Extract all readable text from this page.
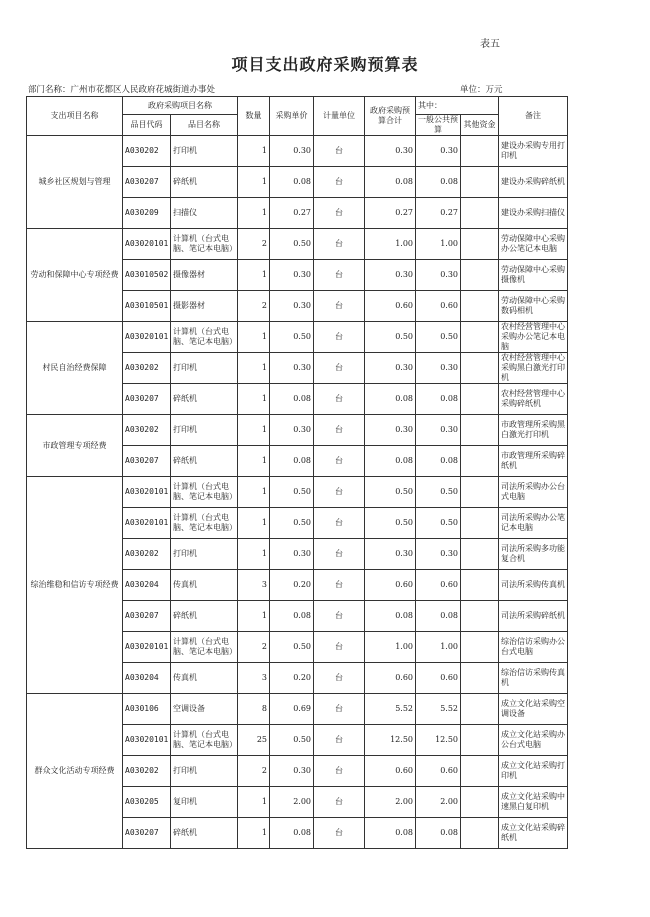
表五
项目支出政府采购预算表
部门名称：广州市花都区人民政府花城街道办事处	单位：万元
支出项目名称	政府采购项目名称		数量	采购单价	计量单位	政府采购预算合计	其中：		备注
	品目代码	品目名称					一般公共预算	其他资金	
城乡社区规划与管理	A030202	打印机	1	0.30	台	0.30	0.30		建设办采购专用打印机
	A030207	碎纸机	1	0.08	台	0.08	0.08		建设办采购碎纸机
	A030209	扫描仪	1	0.27	台	0.27	0.27		建设办采购扫描仪
劳动和保障中心专项经费	A03020101	计算机（台式电脑、笔记本电脑）	2	0.50	台	1.00	1.00		劳动保障中心采购办公笔记本电脑
	A03010502	摄像器材	1	0.30	台	0.30	0.30		劳动保障中心采购摄像机
	A03010501	摄影器材	2	0.30	台	0.60	0.60		劳动保障中心采购数码相机
村民自治经费保障	A03020101	计算机（台式电脑、笔记本电脑）	1	0.50	台	0.50	0.50		农村经营管理中心采购办公笔记本电脑
	A030202	打印机	1	0.30	台	0.30	0.30		农村经营管理中心采购黑白激光打印机
	A030207	碎纸机	1	0.08	台	0.08	0.08		农村经营管理中心采购碎纸机
市政管理专项经费	A030202	打印机	1	0.30	台	0.30	0.30		市政管理所采购黑白激光打印机
	A030207	碎纸机	1	0.08	台	0.08	0.08		市政管理所采购碎纸机
综治维稳和信访专项经费	A03020101	计算机（台式电脑、笔记本电脑）	1	0.50	台	0.50	0.50		司法所采购办公台式电脑
	A03020101	计算机（台式电脑、笔记本电脑）	1	0.50	台	0.50	0.50		司法所采购办公笔记本电脑
	A030202	打印机	1	0.30	台	0.30	0.30		司法所采购多功能复合机
	A030204	传真机	3	0.20	台	0.60	0.60		司法所采购传真机
	A030207	碎纸机	1	0.08	台	0.08	0.08		司法所采购碎纸机
	A03020101	计算机（台式电脑、笔记本电脑）	2	0.50	台	1.00	1.00		综治信访采购办公台式电脑
	A030204	传真机	3	0.20	台	0.60	0.60		综治信访采购传真机
群众文化活动专项经费	A030106	空调设备	8	0.69	台	5.52	5.52		成立文化站采购空调设备
	A03020101	计算机（台式电脑、笔记本电脑）	25	0.50	台	12.50	12.50		成立文化站采购办公台式电脑
	A030202	打印机	2	0.30	台	0.60	0.60		成立文化站采购打印机
	A030205	复印机	1	2.00	台	2.00	2.00		成立文化站采购中速黑白复印机
	A030207	碎纸机	1	0.08	台	0.08	0.08		成立文化站采购碎纸机
